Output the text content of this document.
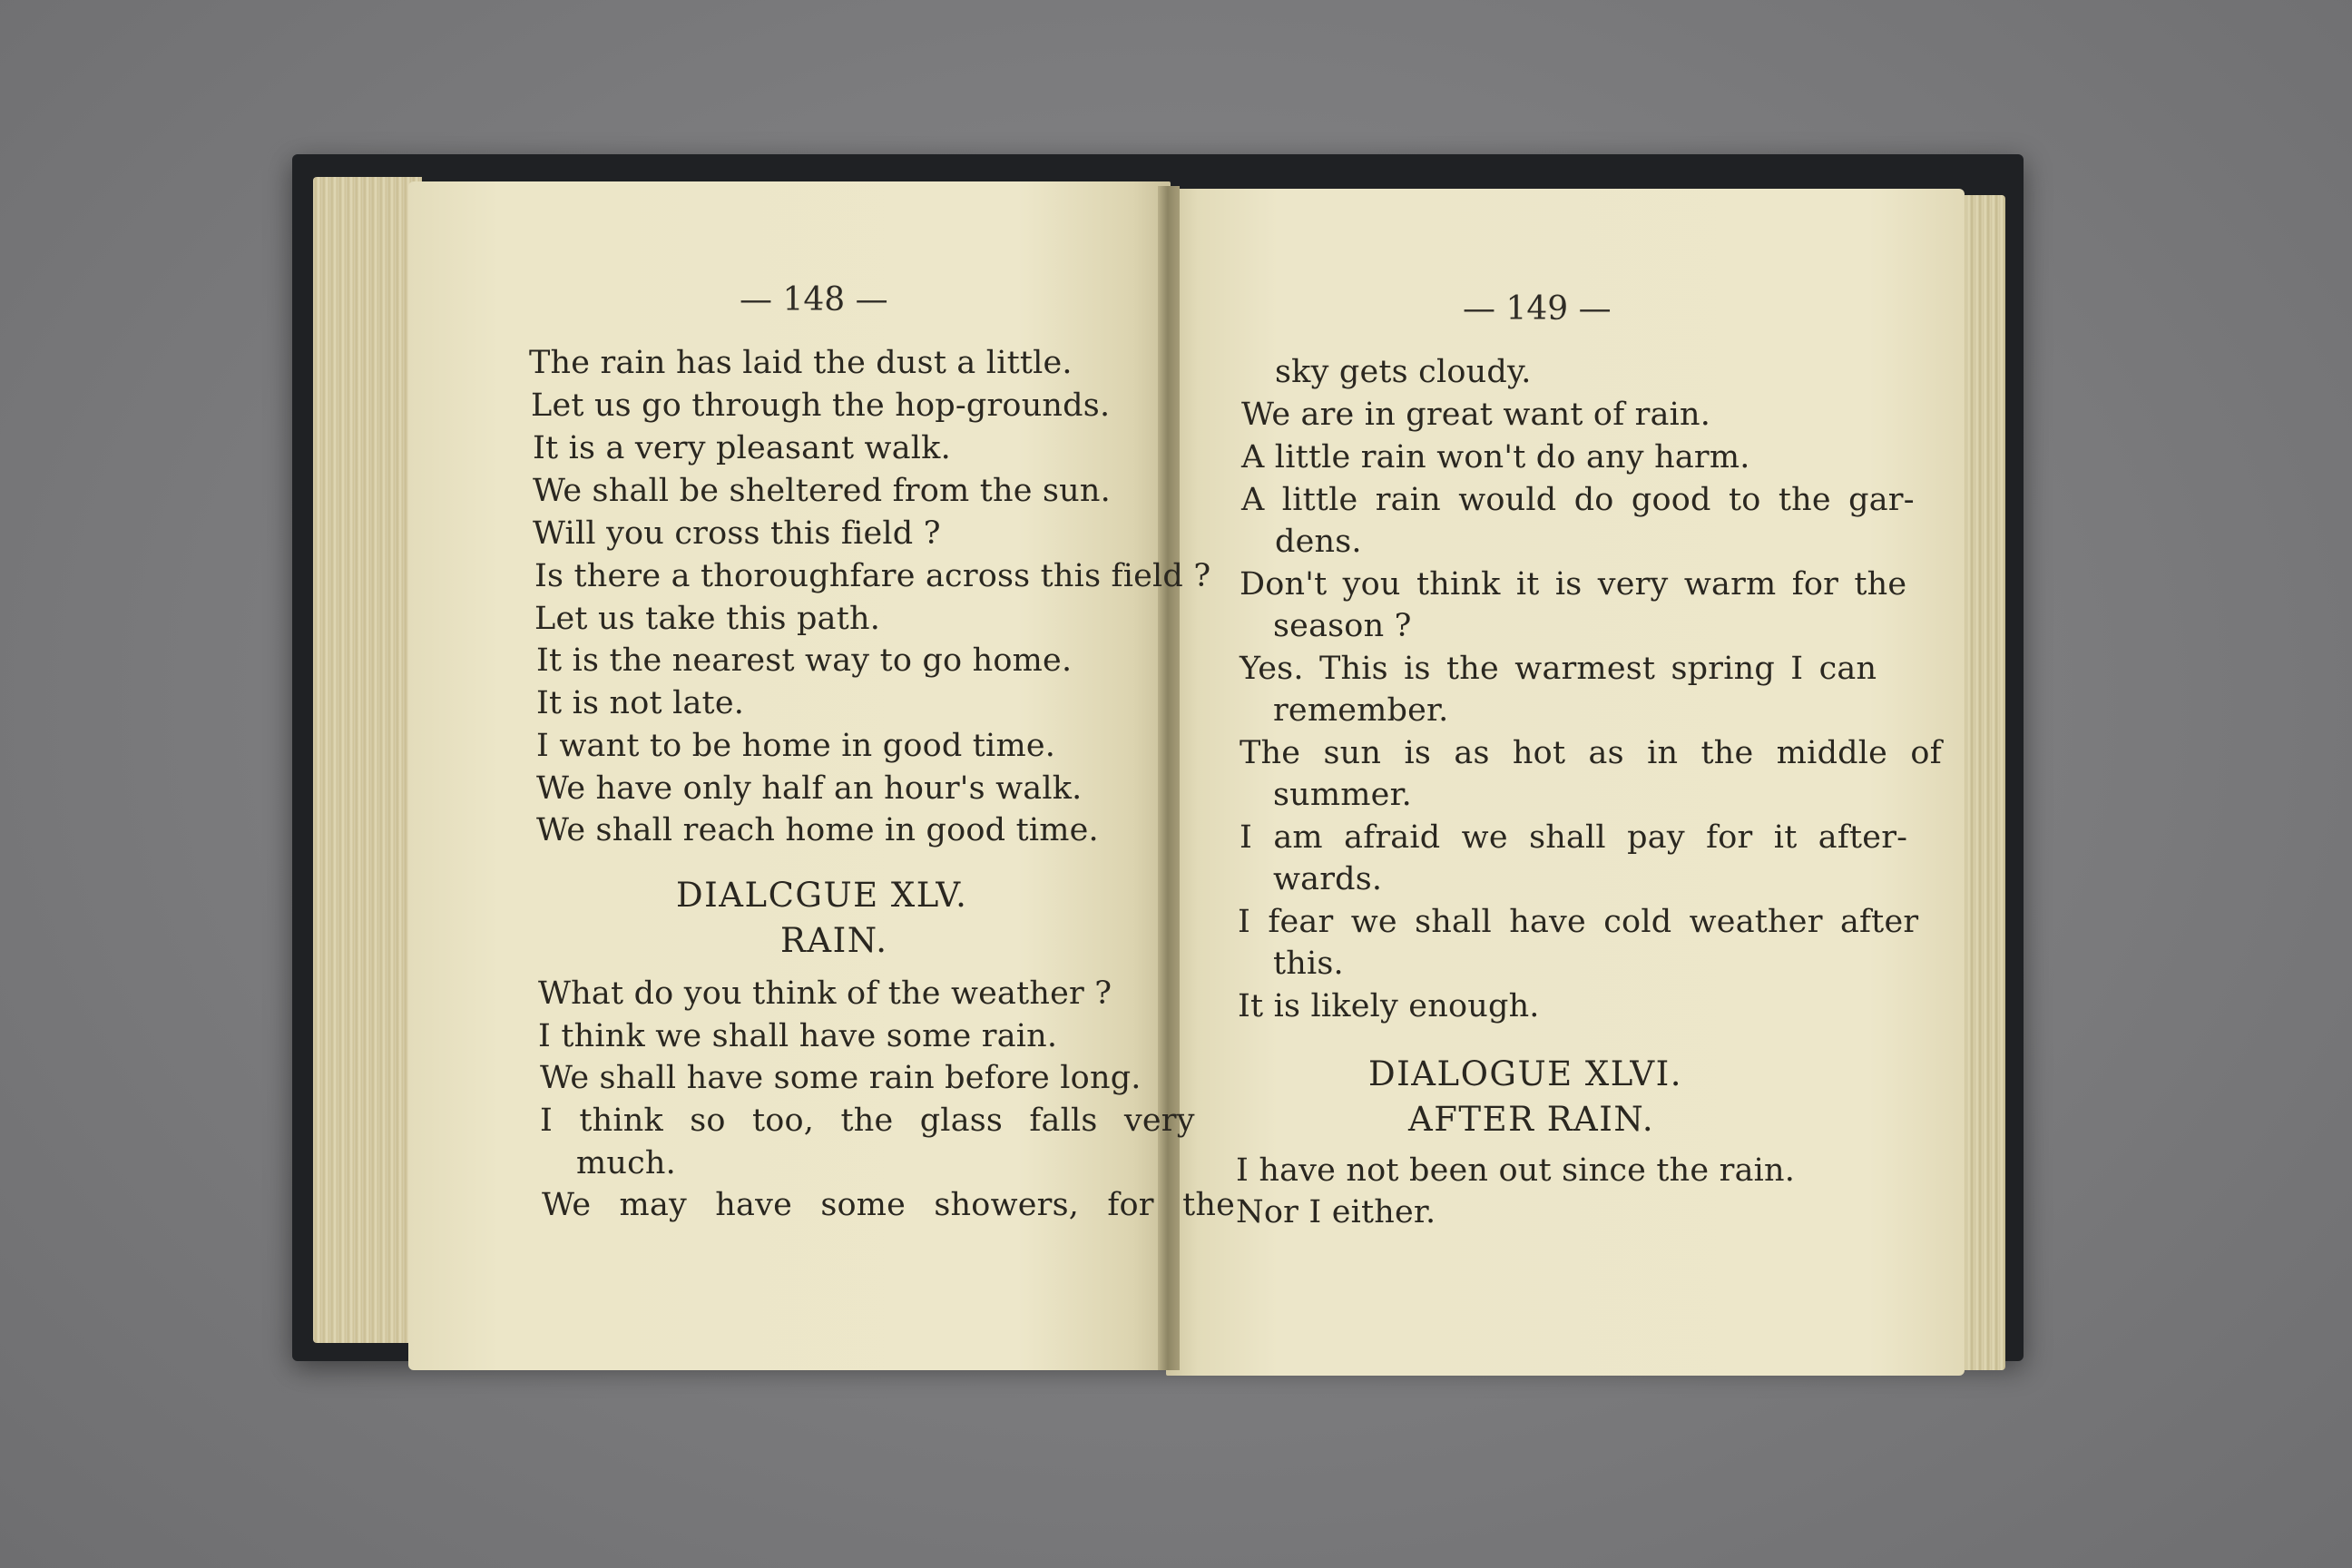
— 148 —
The rain has laid the dust a little.
Let us go through the hop-grounds.
It is a very pleasant walk.
We shall be sheltered from the sun.
Will you cross this field ?
Is there a thoroughfare across this field ?
Let us take this path.
It is the nearest way to go home.
It is not late.
I want to be home in good time.
We have only half an hour's walk.
We shall reach home in good time.
DIALCGUE XLV.
RAIN.
What do you think of the weather ?
I think we shall have some rain.
We shall have some rain before long.
I think so too, the glass falls very
much.
We may have some showers, for the
— 149 —
sky gets cloudy.
We are in great want of rain.
A little rain won't do any harm.
A little rain would do good to the gar-
dens.
Don't you think it is very warm for the
season ?
Yes. This is the warmest spring I can
remember.
The sun is as hot as in the middle of
summer.
I am afraid we shall pay for it after-
wards.
I fear we shall have cold weather after
this.
It is likely enough.
DIALOGUE XLVI.
AFTER RAIN.
I have not been out since the rain.
Nor I either.
